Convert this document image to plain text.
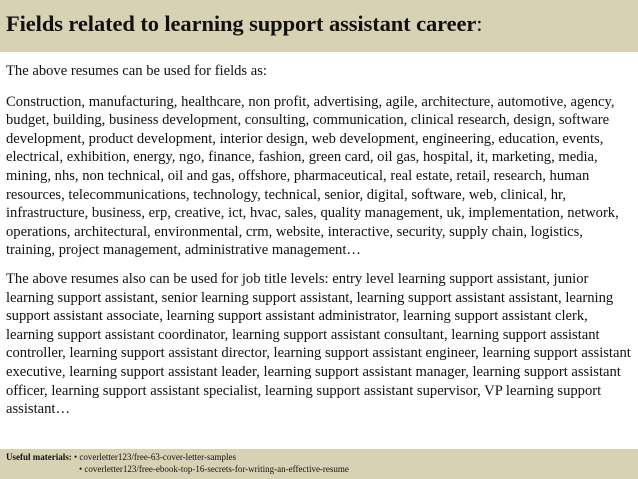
Fields related to learning support assistant career:

The above resumes can be used for fields as:

Construction, manufacturing, healthcare, non profit, advertising, agile, architecture, automotive, agency, budget, building, business development, consulting, communication, clinical research, design, software development, product development, interior design, web development, engineering, education, events, electrical, exhibition, energy, ngo, finance, fashion, green card, oil gas, hospital, it, marketing, media, mining, nhs, non technical, oil and gas, offshore, pharmaceutical, real estate, retail, research, human resources, telecommunications, technology, technical, senior, digital, software, web, clinical, hr, infrastructure, business, erp, creative, ict, hvac, sales, quality management, uk, implementation, network, operations, architectural, environmental, crm, website, interactive, security, supply chain, logistics, training, project management, administrative management…

The above resumes also can be used for job title levels: entry level learning support assistant, junior learning support assistant, senior learning support assistant, learning support assistant assistant, learning support assistant associate, learning support assistant administrator, learning support assistant clerk, learning support assistant coordinator, learning support assistant consultant, learning support assistant controller, learning support assistant director, learning support assistant engineer, learning support assistant executive, learning support assistant leader, learning support assistant manager, learning support assistant officer, learning support assistant specialist, learning support assistant supervisor, VP learning support assistant…

Useful materials: • coverletter123/free-63-cover-letter-samples
• coverletter123/free-ebook-top-16-secrets-for-writing-an-effective-resume
